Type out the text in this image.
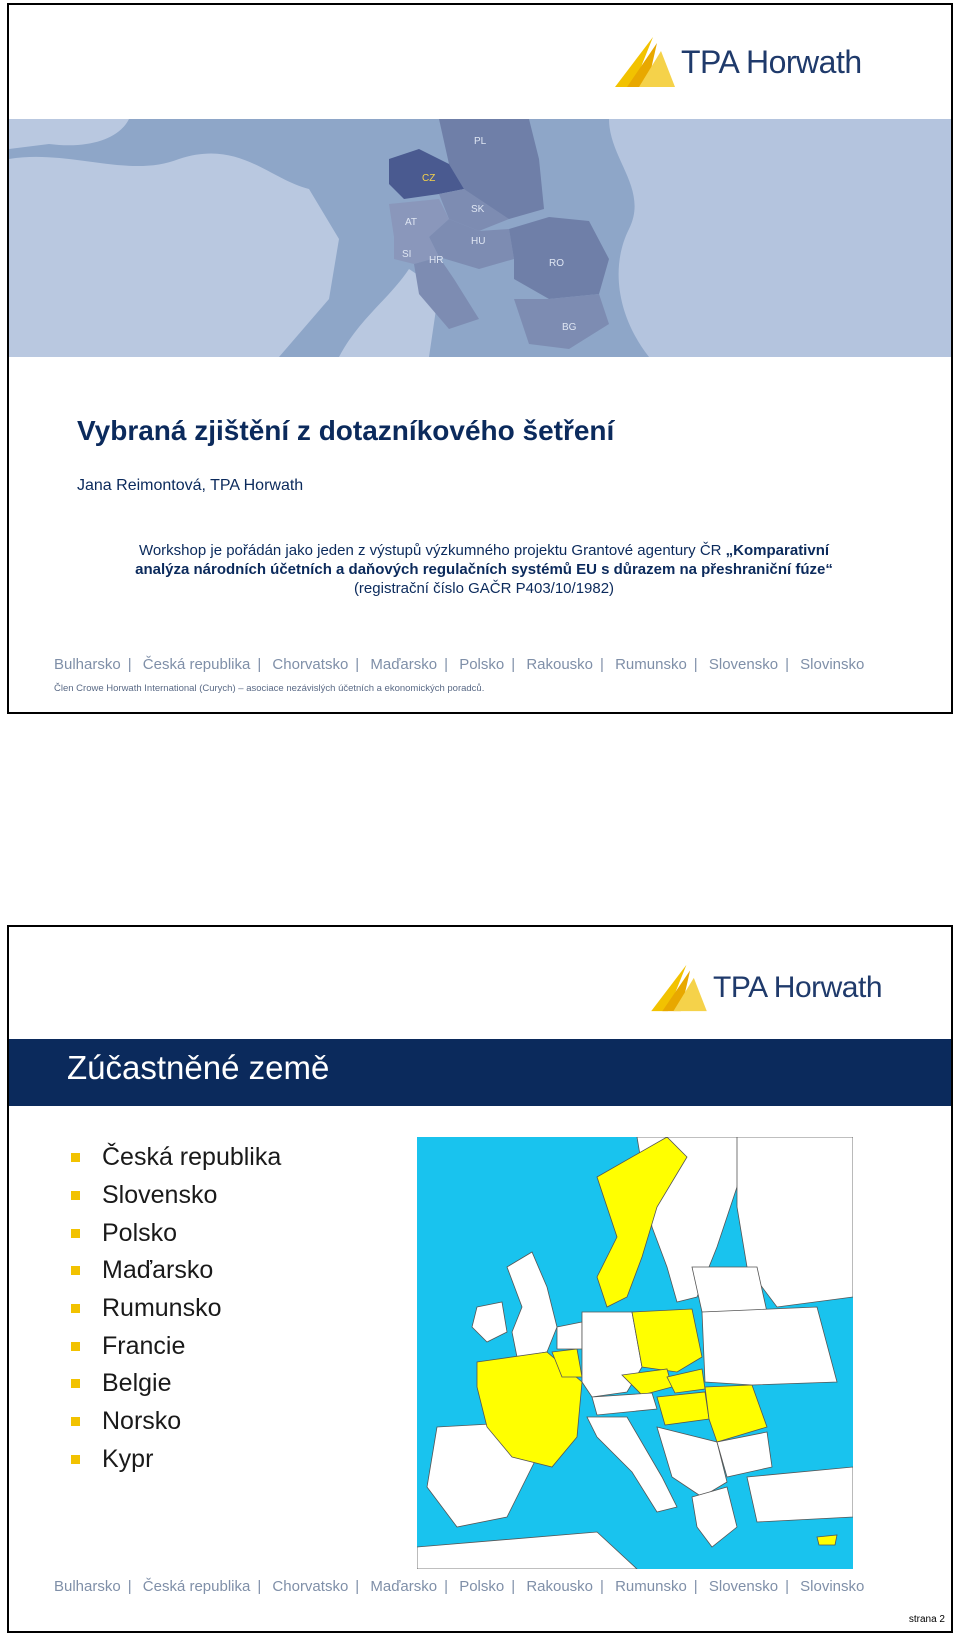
TPA Horwath
PL
CZ
SK
AT
HU
SI
HR	RO
BG
Vybraná zjištění z dotazníkového šetření
Jana Reimontová, TPA Horwath
Workshop je pořádán jako jeden z výstupů výzkumného projektu Grantové agentury ČR „Komparativní
analýza národních účetních a daňových regulačních systémů EU s důrazem na přeshraniční fúze“
(registrační číslo GAČR P403/10/1982)
Bulharsko | Česká republika | Chorvatsko | Maďarsko | Polsko | Rakousko | Rumunsko | Slovensko | Slovinsko
Člen Crowe Horwath International (Curych) – asociace nezávislých účetních a ekonomických poradců.
TPA Horwath
Zúčastněné země
Česká republika
Slovensko
Polsko
Maďarsko
Rumunsko
Francie
Belgie
Norsko
Kypr
Bulharsko | Česká republika | Chorvatsko | Maďarsko | Polsko | Rakousko | Rumunsko | Slovensko | Slovinsko
strana 2
